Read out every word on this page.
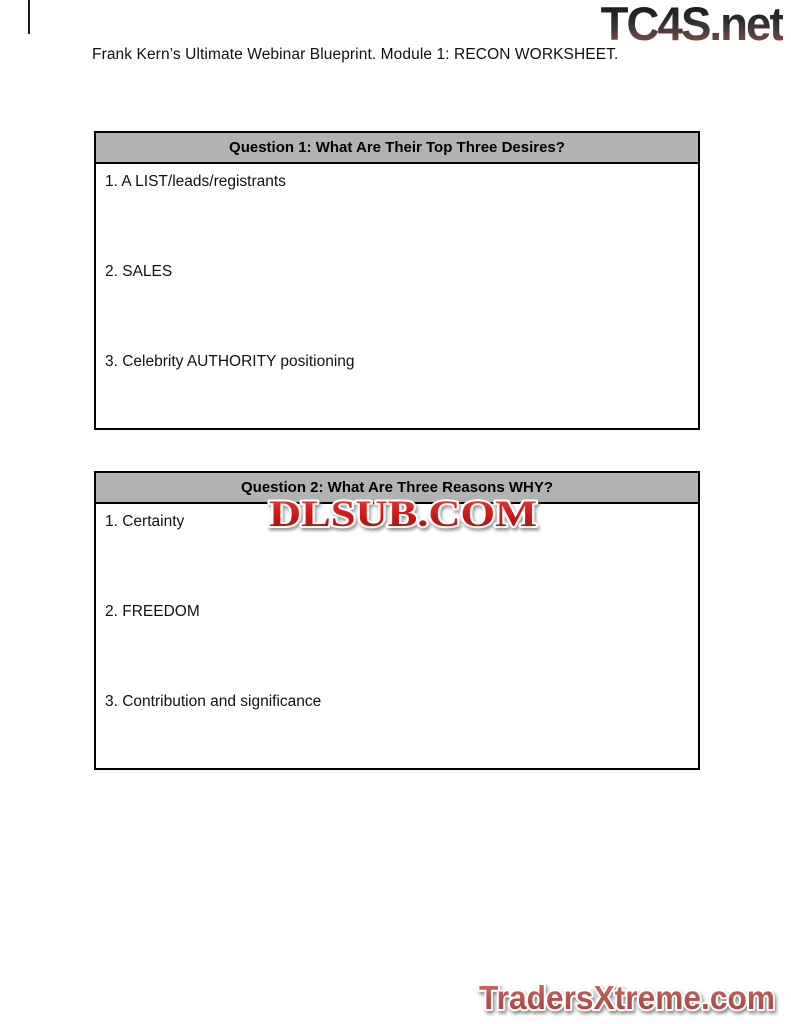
TC4S.net
Frank Kern’s Ultimate Webinar Blueprint. Module 1: RECON WORKSHEET.
Question 1: What Are Their Top Three Desires?
1. A LIST/leads/registrants
2. SALES
3. Celebrity AUTHORITY positioning
Question 2: What Are Three Reasons WHY?
1. Certainty
2. FREEDOM
3. Contribution and significance
DLSUB.COM
TradersXtreme.com
